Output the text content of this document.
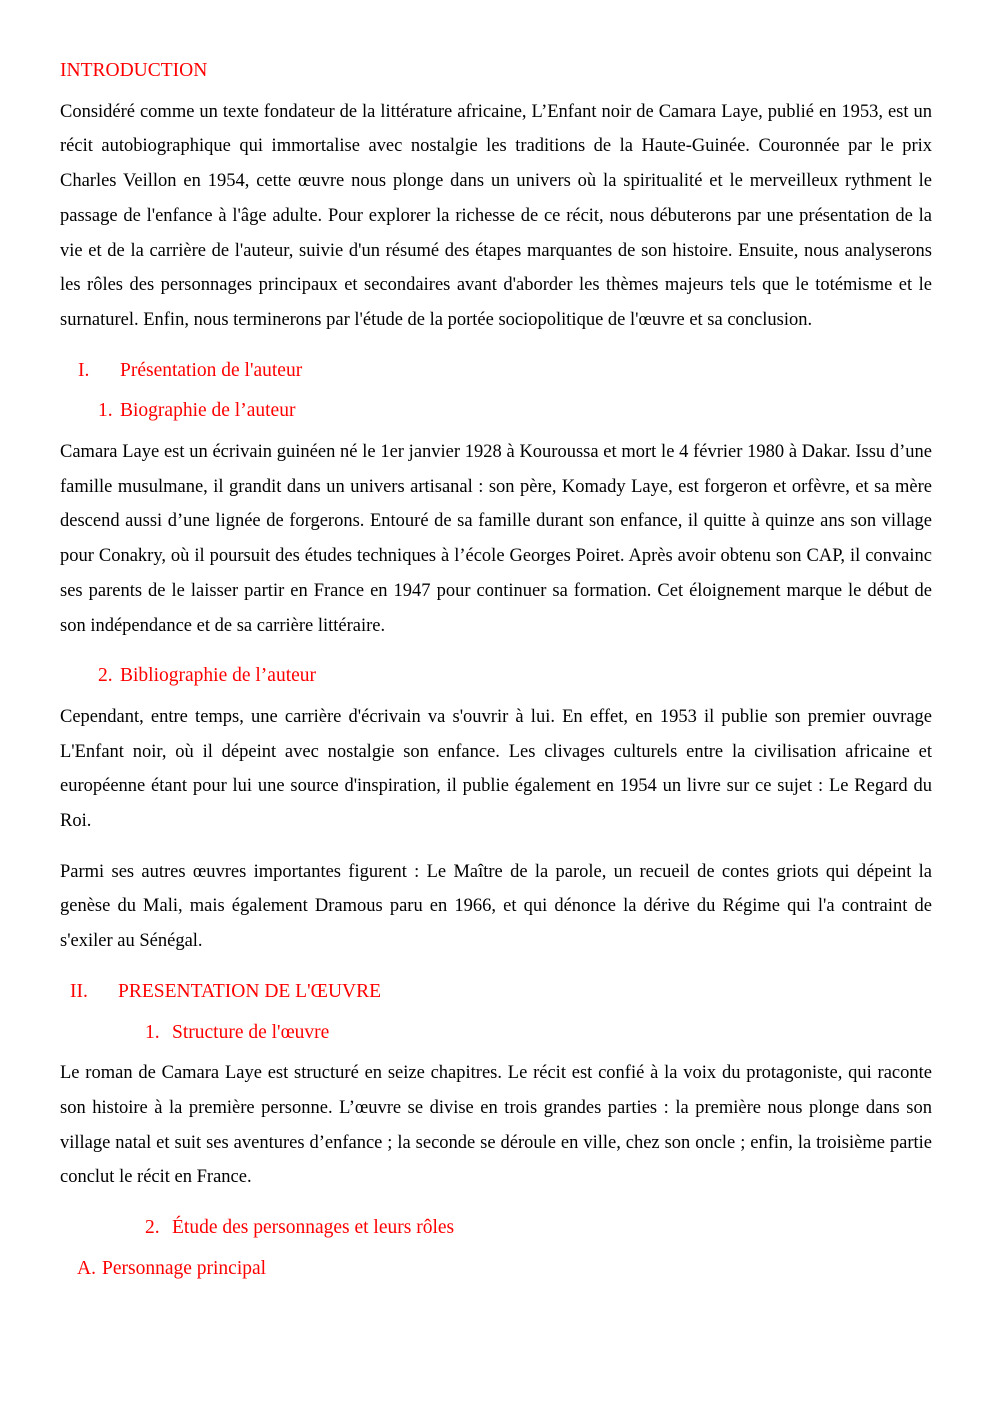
INTRODUCTION

Considéré comme un texte fondateur de la littérature africaine, L’Enfant noir de Camara Laye, publié en 1953, est un récit autobiographique qui immortalise avec nostalgie les traditions de la Haute-Guinée. Couronnée par le prix Charles Veillon en 1954, cette œuvre nous plonge dans un univers où la spiritualité et le merveilleux rythment le passage de l'enfance à l'âge adulte. Pour explorer la richesse de ce récit, nous débuterons par une présentation de la vie et de la carrière de l'auteur, suivie d'un résumé des étapes marquantes de son histoire. Ensuite, nous analyserons les rôles des personnages principaux et secondaires avant d'aborder les thèmes majeurs tels que le totémisme et le surnaturel. Enfin, nous terminerons par l'étude de la portée sociopolitique de l'œuvre et sa conclusion.

I.	Présentation de l'auteur
1. Biographie de l’auteur

Camara Laye est un écrivain guinéen né le 1er janvier 1928 à Kouroussa et mort le 4 février 1980 à Dakar. Issu d’une famille musulmane, il grandit dans un univers artisanal : son père, Komady Laye, est forgeron et orfèvre, et sa mère descend aussi d’une lignée de forgerons. Entouré de sa famille durant son enfance, il quitte à quinze ans son village pour Conakry, où il poursuit des études techniques à l’école Georges Poiret. Après avoir obtenu son CAP, il convainc ses parents de le laisser partir en France en 1947 pour continuer sa formation. Cet éloignement marque le début de son indépendance et de sa carrière littéraire.

2. Bibliographie de l’auteur

Cependant, entre temps, une carrière d'écrivain va s'ouvrir à lui. En effet, en 1953 il publie son premier ouvrage L'Enfant noir, où il dépeint avec nostalgie son enfance. Les clivages culturels entre la civilisation africaine et européenne étant pour lui une source d'inspiration, il publie également en 1954 un livre sur ce sujet : Le Regard du Roi.

Parmi ses autres œuvres importantes figurent : Le Maître de la parole, un recueil de contes griots qui dépeint la genèse du Mali, mais également Dramous paru en 1966, et qui dénonce la dérive du Régime qui l'a contraint de s'exiler au Sénégal.

II.	PRESENTATION DE L'ŒUVRE
1. Structure de l'œuvre

Le roman de Camara Laye est structuré en seize chapitres. Le récit est confié à la voix du protagoniste, qui raconte son histoire à la première personne. L’œuvre se divise en trois grandes parties : la première nous plonge dans son village natal et suit ses aventures d’enfance ; la seconde se déroule en ville, chez son oncle ; enfin, la troisième partie conclut le récit en France.

2. Étude des personnages et leurs rôles
A. Personnage principal
